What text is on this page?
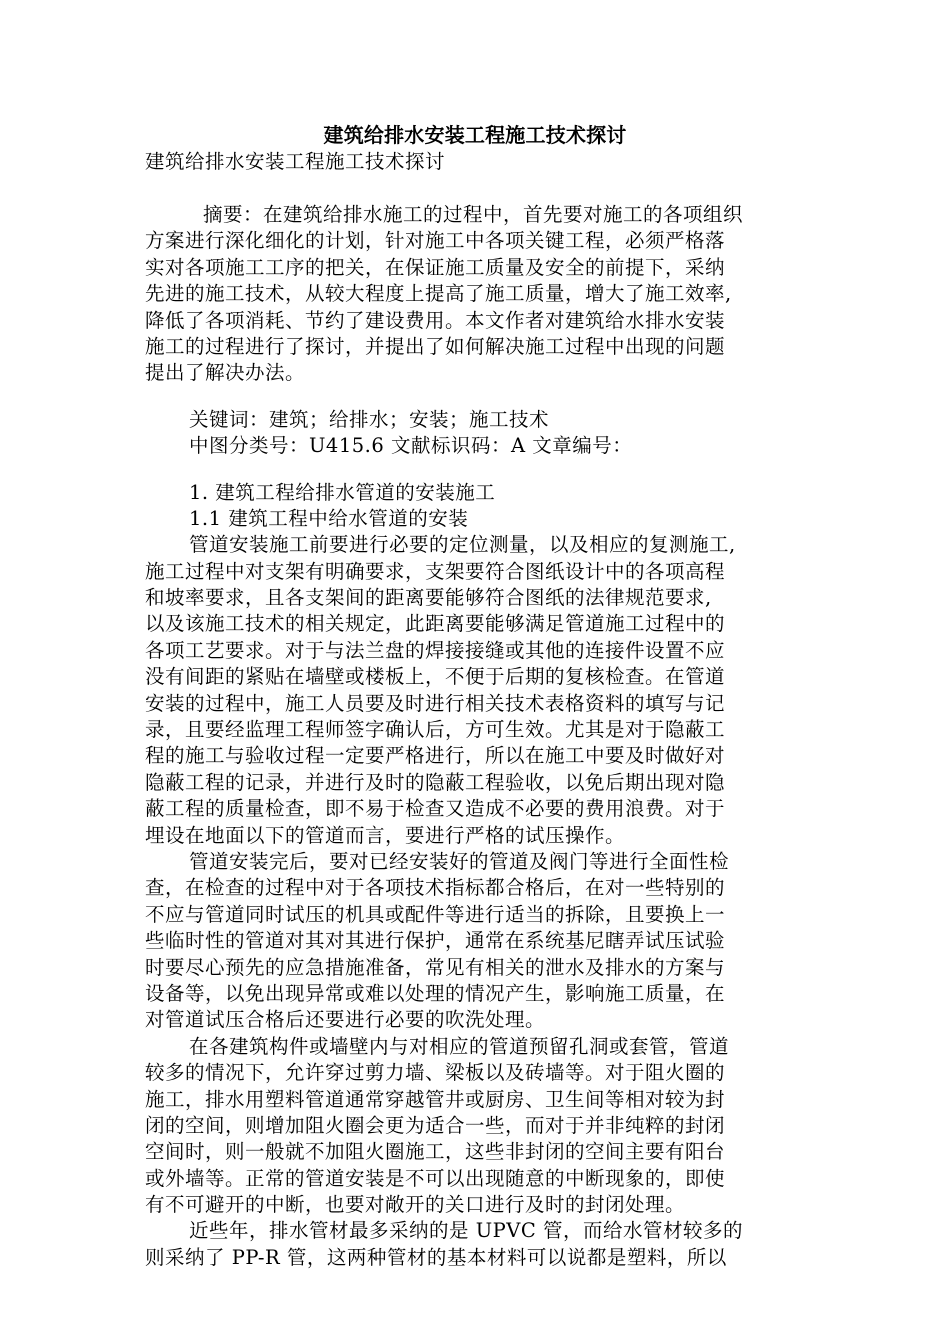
建筑给排水安装工程施工技术探讨
建筑给排水安装工程施工技术探讨
摘要：在建筑给排水施工的过程中，首先要对施工的各项组织
方案进行深化细化的计划，针对施工中各项关键工程，必须严格落
实对各项施工工序的把关，在保证施工质量及安全的前提下，采纳
先进的施工技术，从较大程度上提高了施工质量，增大了施工效率,
降低了各项消耗、节约了建设费用。本文作者对建筑给水排水安装
施工的过程进行了探讨，并提出了如何解决施工过程中出现的问题
提出了解决办法。
关键词：建筑；给排水；安装；施工技术
中图分类号：U415.6 文献标识码：A 文章编号：
1. 建筑工程给排水管道的安装施工
1.1 建筑工程中给水管道的安装
管道安装施工前要进行必要的定位测量，以及相应的复测施工,
施工过程中对支架有明确要求，支架要符合图纸设计中的各项高程
和坡率要求，且各支架间的距离要能够符合图纸的法律规范要求,
以及该施工技术的相关规定，此距离要能够满足管道施工过程中的
各项工艺要求。对于与法兰盘的焊接接缝或其他的连接件设置不应
没有间距的紧贴在墙壁或楼板上，不便于后期的复核检查。在管道
安装的过程中，施工人员要及时进行相关技术表格资料的填写与记
录，且要经监理工程师签字确认后，方可生效。尤其是对于隐蔽工
程的施工与验收过程一定要严格进行，所以在施工中要及时做好对
隐蔽工程的记录，并进行及时的隐蔽工程验收，以免后期出现对隐
蔽工程的质量检查，即不易于检查又造成不必要的费用浪费。对于
埋设在地面以下的管道而言，要进行严格的试压操作。
管道安装完后，要对已经安装好的管道及阀门等进行全面性检
查，在检查的过程中对于各项技术指标都合格后，在对一些特别的
不应与管道同时试压的机具或配件等进行适当的拆除，且要换上一
些临时性的管道对其对其进行保护，通常在系统基尼瞎弄试压试验
时要尽心预先的应急措施准备，常见有相关的泄水及排水的方案与
设备等，以免出现异常或难以处理的情况产生，影响施工质量，在
对管道试压合格后还要进行必要的吹洗处理。
在各建筑构件或墙壁内与对相应的管道预留孔洞或套管，管道
较多的情况下，允许穿过剪力墙、梁板以及砖墙等。对于阻火圈的
施工，排水用塑料管道通常穿越管井或厨房、卫生间等相对较为封
闭的空间，则增加阻火圈会更为适合一些，而对于并非纯粹的封闭
空间时，则一般就不加阻火圈施工，这些非封闭的空间主要有阳台
或外墙等。正常的管道安装是不可以出现随意的中断现象的，即使
有不可避开的中断，也要对敞开的关口进行及时的封闭处理。
近些年，排水管材最多采纳的是 UPVC 管，而给水管材较多的
则采纳了 PP-R 管，这两种管材的基本材料可以说都是塑料，所以
